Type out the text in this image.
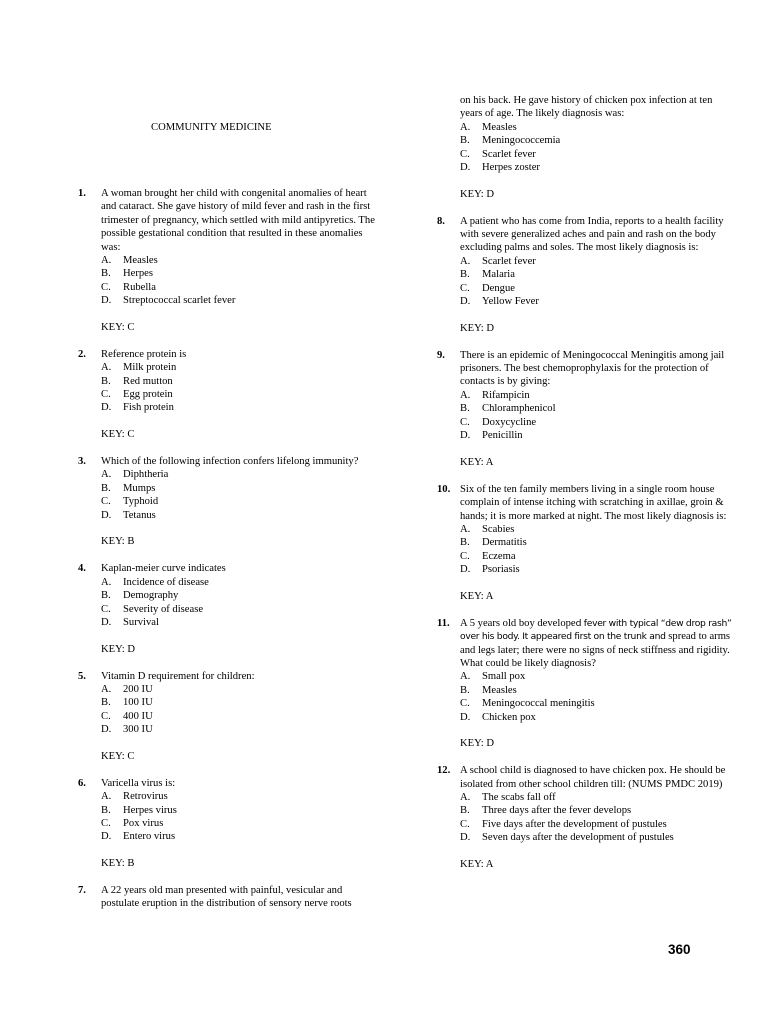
COMMUNITY MEDICINE
1. A woman brought her child with congenital anomalies of heart and cataract. She gave history of mild fever and rash in the first trimester of pregnancy, which settled with mild antipyretics. The possible gestational condition that resulted in these anomalies was:

A.	Measles
B.	Herpes
C.	Rubella
D.	Streptococcal scarlet fever
KEY: C
2. Reference protein is

A.	Milk protein
B.	Red mutton
C.	Egg protein
D.	Fish protein
KEY: C
3. Which of the following infection confers lifelong immunity?

A.	Diphtheria
B.	Mumps
C.	Typhoid
D.	Tetanus
KEY: B
4. Kaplan-meier curve indicates

A.	Incidence of disease
B.	Demography
C.	Severity of disease
D.	Survival
KEY: D
5. Vitamin D requirement for children:

A.	200 IU
B.	100 IU
C.	400 IU
D.	300 IU
KEY: C
6. Varicella virus is:

A.	Retrovirus
B.	Herpes virus
C.	Pox virus
D.	Entero virus
KEY: B
7. A 22 years old man presented with painful, vesicular and postulate eruption in the distribution of sensory nerve roots

on his back. He gave history of chicken pox infection at ten years of age. The likely diagnosis was:

A.	Measles
B.	Meningococcemia
C.	Scarlet fever
D.	Herpes zoster
KEY: D
8. A patient who has come from India, reports to a health facility with severe generalized aches and pain and rash on the body excluding palms and soles. The most likely diagnosis is:

A.	Scarlet fever
B.	Malaria
C.	Dengue
D.	Yellow Fever
KEY: D
9. There is an epidemic of Meningococcal Meningitis among jail prisoners. The best chemoprophylaxis for the protection of contacts is by giving:

A.	Rifampicin
B.	Chloramphenicol
C.	Doxycycline
D.	Penicillin
KEY: A
10. Six of the ten family members living in a single room house complain of intense itching with scratching in axillae, groin & hands; it is more marked at night. The most likely diagnosis is:

A.	Scabies
B.	Dermatitis
C.	Eczema
D.	Psoriasis
KEY: A
11. A 5 years old boy developed fever with typical “dew drop rash” over his body. It appeared first on the trunk and spread to arms and legs later; there were no signs of neck stiffness and rigidity. What could be likely diagnosis?

A.	Small pox
B.	Measles
C.	Meningococcal meningitis
D.	Chicken pox
KEY: D
12. A school child is diagnosed to have chicken pox. He should be isolated from other school children till: (NUMS PMDC 2019)

A.	The scabs fall off
B.	Three days after the fever develops
C.	Five days after the development of pustules
D.	Seven days after the development of pustules
KEY: A
360
